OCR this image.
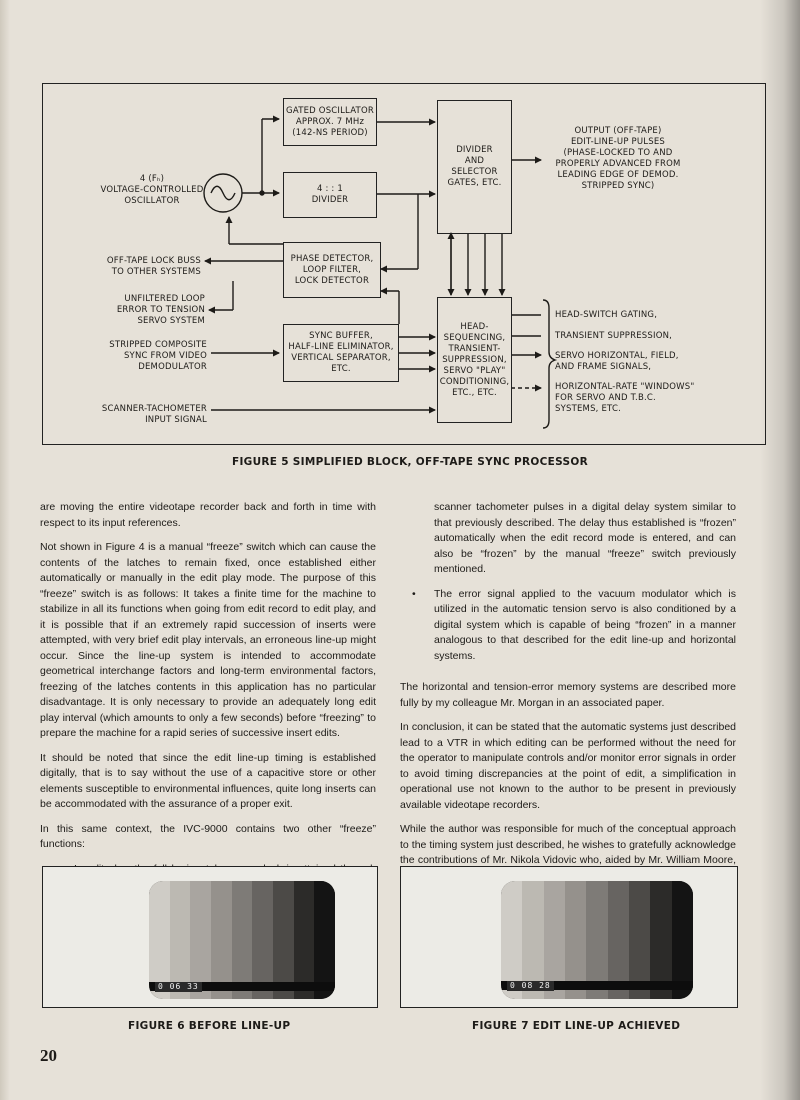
GATED OSCILLATOR
APPROX. 7 MHz
(142-NS PERIOD)
4 : : 1
DIVIDER
PHASE DETECTOR,
LOOP FILTER,
LOCK DETECTOR
SYNC BUFFER,
HALF-LINE ELIMINATOR,
VERTICAL SEPARATOR,
ETC.
DIVIDER
AND
SELECTOR
GATES, ETC.
HEAD-
SEQUENCING,
TRANSIENT-
SUPPRESSION,
SERVO "PLAY"
CONDITIONING,
ETC., ETC.
4 (Fₕ)
VOLTAGE-CONTROLLED
OSCILLATOR
OFF-TAPE LOCK BUSS
TO OTHER SYSTEMS
UNFILTERED LOOP
ERROR TO TENSION
SERVO SYSTEM
STRIPPED COMPOSITE
SYNC FROM VIDEO
DEMODULATOR
SCANNER-TACHOMETER
INPUT SIGNAL
OUTPUT (OFF-TAPE)
EDIT-LINE-UP PULSES
(PHASE-LOCKED TO AND
PROPERLY ADVANCED FROM
LEADING EDGE OF DEMOD.
STRIPPED SYNC)
HEAD-SWITCH GATING,
TRANSIENT SUPPRESSION,
SERVO HORIZONTAL, FIELD,
AND FRAME SIGNALS,
HORIZONTAL-RATE "WINDOWS"
FOR SERVO AND T.B.C.
SYSTEMS, ETC.
FIGURE 5 SIMPLIFIED BLOCK, OFF-TAPE SYNC PROCESSOR

are moving the entire videotape recorder back and forth in time with respect to its input references.

Not shown in Figure 4 is a manual “freeze” switch which can cause the contents of the latches to remain fixed, once established either automatically or manually in the edit play mode. The purpose of this “freeze” switch is as follows: It takes a finite time for the machine to stabilize in all its functions when going from edit record to edit play, and it is possible that if an extremely rapid succession of inserts were attempted, with very brief edit play intervals, an erroneous line-up might occur. Since the line-up system is intended to accommodate geometrical interchange factors and long-term environmental factors, freezing of the latches contents in this application has no particular disadvantage. It is only necessary to provide an adequately long edit play interval (which amounts to only a few seconds) before “freezing” to prepare the machine for a rapid series of successive insert edits.

It should be noted that since the edit line-up timing is established digitally, that is to say without the use of a capacitive store or other elements susceptible to environmental influences, quite long inserts can be accommodated with the assurance of a proper exit.

In this same context, the IVC-9000 contains two other “freeze” functions:

scanner tachometer pulses in a digital delay system similar to that previously described. The delay thus established is “frozen” automatically when the edit record mode is entered, and can also be “frozen” by the manual “freeze” switch previously mentioned.

• The error signal applied to the vacuum modulator which is utilized in the automatic tension servo is also conditioned by a digital system which is capable of being “frozen” in a manner analogous to that described for the edit line-up and horizontal systems.

The horizontal and tension-error memory systems are described more fully by my colleague Mr. Morgan in an associated paper.

In conclusion, it can be stated that the automatic systems just described lead to a VTR in which editing can be performed without the need for the operator to manipulate controls and/or monitor error signals in order to avoid timing discrepancies at the point of edit, a simplification in operational use not known to the author to be present in previously available videotape recorders.

While the author was responsible for much of the conceptual approach to the timing system just described, he wishes to gratefully acknowledge the contributions of Mr. Nikola Vidovic who, aided by Mr. William Moore,

0 06 33
FIGURE 6 BEFORE LINE-UP
0 08 28
FIGURE 7 EDIT LINE-UP ACHIEVED
20
